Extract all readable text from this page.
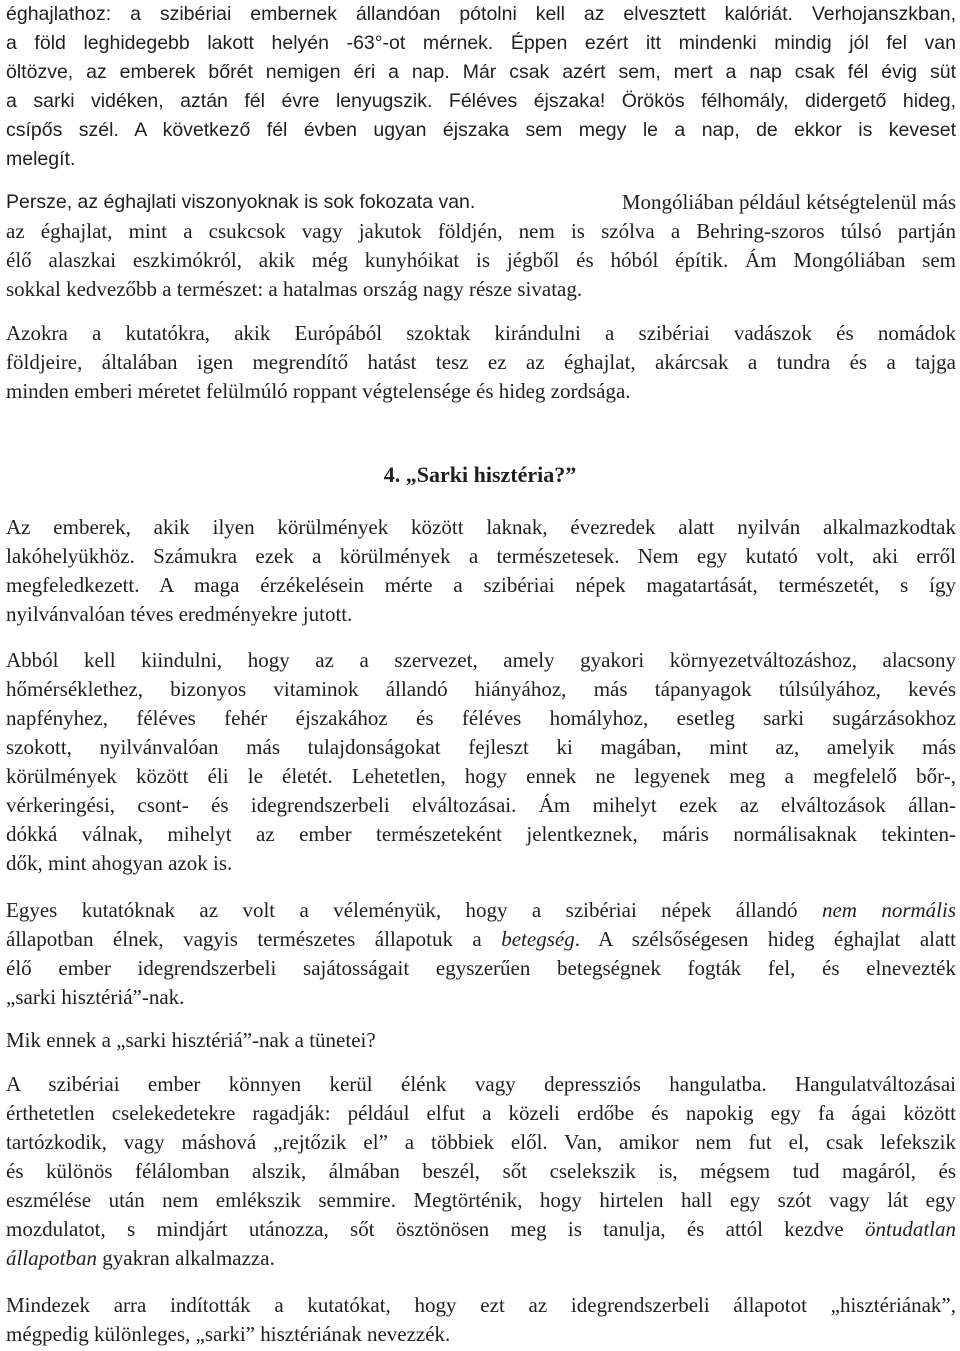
éghajlathoz: a szibériai embernek állandóan pótolni kell az elvesztett kalóriát. Verhojanszkban,
a föld leghidegebb lakott helyén -63°-ot mérnek. Éppen ezért itt mindenki mindig jól fel van
öltözve, az emberek bőrét nemigen éri a nap. Már csak azért sem, mert a nap csak fél évig süt
a sarki vidéken, aztán fél évre lenyugszik. Féléves éjszaka! Örökös félhomály, didergető hideg,
csípős szél. A következő fél évben ugyan éjszaka sem megy le a nap, de ekkor is keveset
melegít.
Persze, az éghajlati viszonyoknak is sok fokozata van.	Mongóliában például kétségtelenül más
az éghajlat, mint a csukcsok vagy jakutok földjén, nem is szólva a Behring-szoros túlsó partján
élő alaszkai eszkimókról, akik még kunyhóikat is jégből és hóból építik. Ám Mongóliában sem
sokkal kedvezőbb a természet: a hatalmas ország nagy része sivatag.
Azokra a kutatókra, akik Európából szoktak kirándulni a szibériai vadászok és nomádok
földjeire, általában igen megrendítő hatást tesz ez az éghajlat, akárcsak a tundra és a tajga
minden emberi méretet felülmúló roppant végtelensége és hideg zordsága.
4. „Sarki hisztéria?”
Az emberek, akik ilyen körülmények között laknak, évezredek alatt nyilván alkalmazkodtak
lakóhelyükhöz. Számukra ezek a körülmények a természetesek. Nem egy kutató volt, aki erről
megfeledkezett. A maga érzékelésein mérte a szibériai népek magatartását, természetét, s így
nyilvánvalóan téves eredményekre jutott.
Abból kell kiindulni, hogy az a szervezet, amely gyakori környezetváltozáshoz, alacsony
hőmérséklethez, bizonyos vitaminok állandó hiányához, más tápanyagok túlsúlyához, kevés
napfényhez, féléves fehér éjszakához és féléves homályhoz, esetleg sarki sugárzásokhoz
szokott, nyilvánvalóan más tulajdonságokat fejleszt ki magában, mint az, amelyik más
körülmények között éli le életét. Lehetetlen, hogy ennek ne legyenek meg a megfelelő bőr-,
vérkeringési, csont- és idegrendszerbeli elváltozásai. Ám mihelyt ezek az elváltozások állan-
dókká válnak, mihelyt az ember természeteként jelentkeznek, máris normálisaknak tekinten-
dők, mint ahogyan azok is.
Egyes kutatóknak az volt a véleményük, hogy a szibériai népek állandó nem normális
állapotban élnek, vagyis természetes állapotuk a betegség. A szélsőségesen hideg éghajlat alatt
élő ember idegrendszerbeli sajátosságait egyszerűen betegségnek fogták fel, és elnevezték
„sarki hisztériá”-nak.
Mik ennek a „sarki hisztériá”-nak a tünetei?
A szibériai ember könnyen kerül élénk vagy depressziós hangulatba. Hangulatváltozásai
érthetetlen cselekedetekre ragadják: például elfut a közeli erdőbe és napokig egy fa ágai között
tartózkodik, vagy máshová „rejtőzik el” a többiek elől. Van, amikor nem fut el, csak lefekszik
és különös félálomban alszik, álmában beszél, sőt cselekszik is, mégsem tud magáról, és
eszmélése után nem emlékszik semmire. Megtörténik, hogy hirtelen hall egy szót vagy lát egy
mozdulatot, s mindjárt utánozza, sőt ösztönösen meg is tanulja, és attól kezdve öntudatlan
állapotban gyakran alkalmazza.
Mindezek arra indították a kutatókat, hogy ezt az idegrendszerbeli állapotot „hisztériának”,
mégpedig különleges, „sarki” hisztériának nevezzék.
